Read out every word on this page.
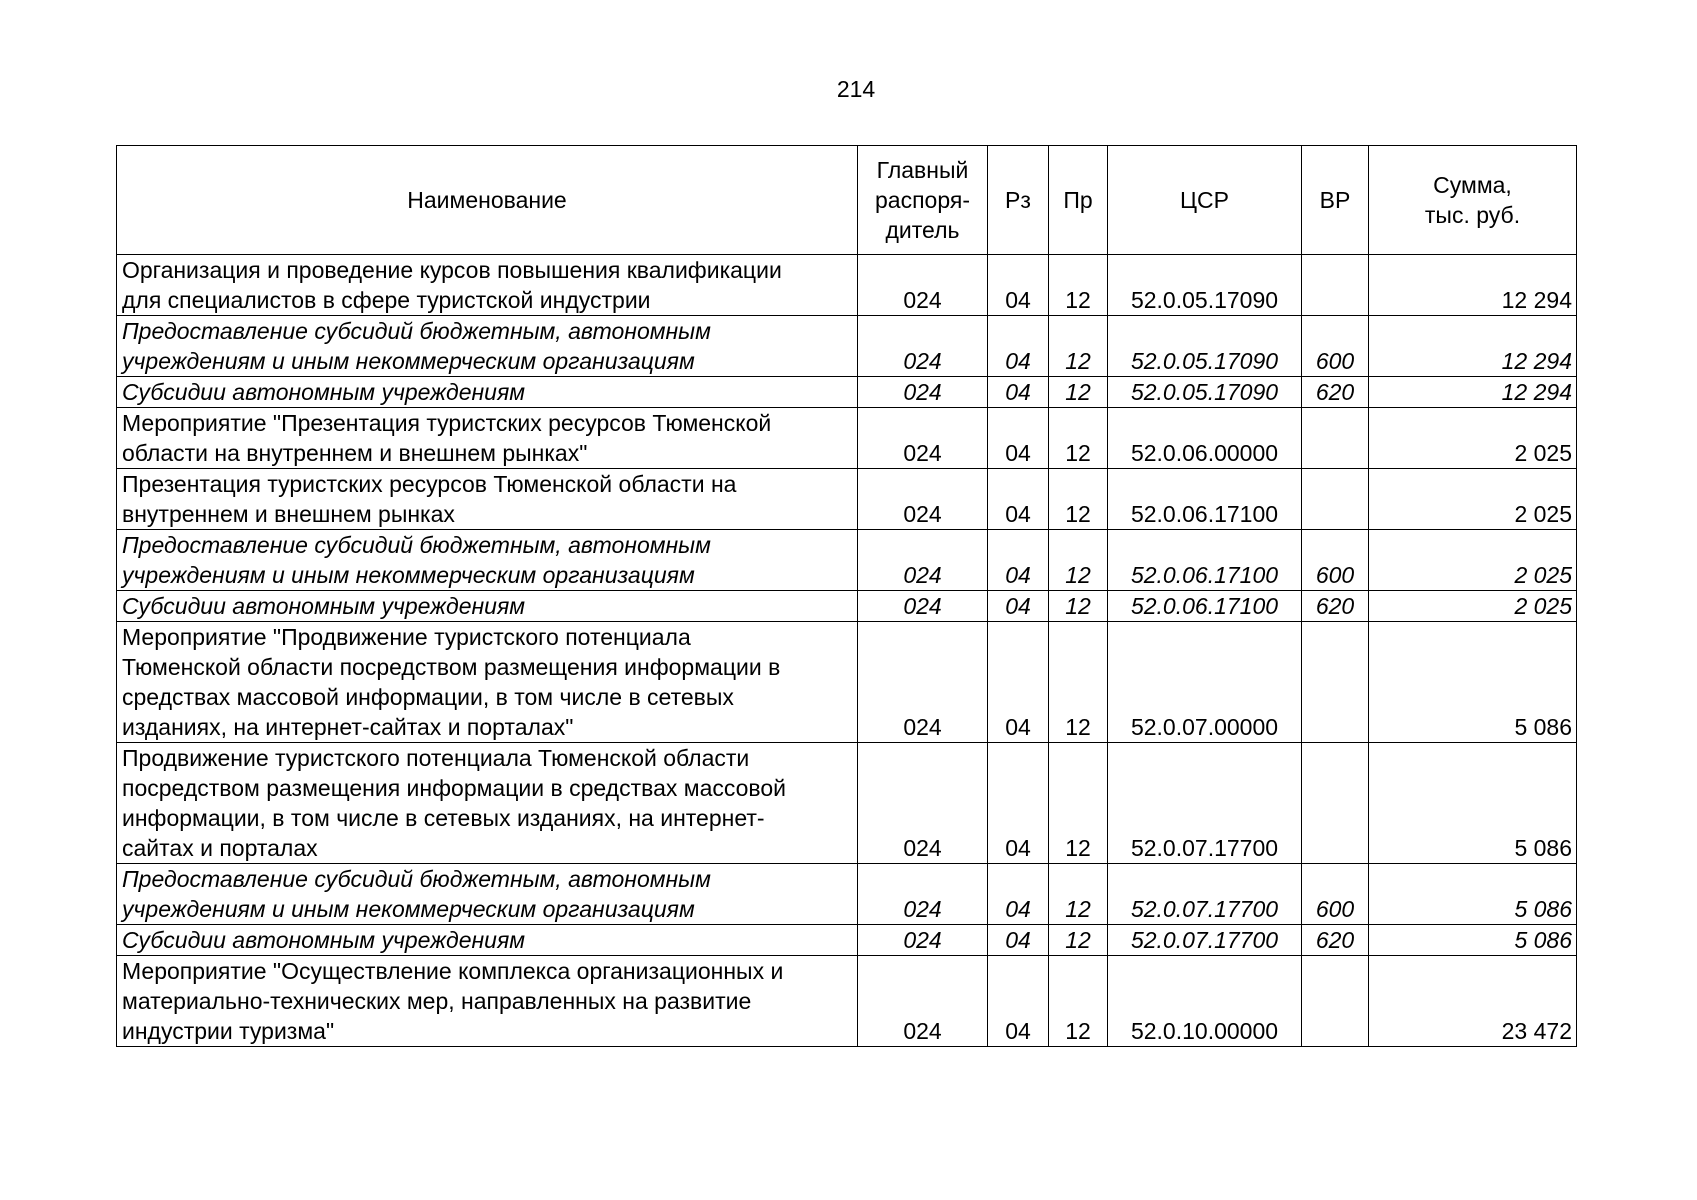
214
Наименование	Главный
распоря-
дитель	Рз	Пр	ЦСР	ВР	Сумма,
тыс. руб.
Организация и проведение курсов повышения квалификации
для специалистов в сфере туристской индустрии	024	04	12	52.0.05.17090		12 294
Предоставление субсидий бюджетным, автономным
учреждениям и иным некоммерческим организациям	024	04	12	52.0.05.17090	600	12 294
Субсидии автономным учреждениям	024	04	12	52.0.05.17090	620	12 294
Мероприятие "Презентация туристских ресурсов Тюменской
области на внутреннем и внешнем рынках"	024	04	12	52.0.06.00000		2 025
Презентация туристских ресурсов Тюменской области на
внутреннем и внешнем рынках	024	04	12	52.0.06.17100		2 025
Предоставление субсидий бюджетным, автономным
учреждениям и иным некоммерческим организациям	024	04	12	52.0.06.17100	600	2 025
Субсидии автономным учреждениям	024	04	12	52.0.06.17100	620	2 025
Мероприятие "Продвижение туристского потенциала
Тюменской области посредством размещения информации в
средствах массовой информации, в том числе в сетевых
изданиях, на интернет-сайтах и порталах"	024	04	12	52.0.07.00000		5 086
Продвижение туристского потенциала Тюменской области
посредством размещения информации в средствах массовой
информации, в том числе в сетевых изданиях, на интернет-
сайтах и порталах	024	04	12	52.0.07.17700		5 086
Предоставление субсидий бюджетным, автономным
учреждениям и иным некоммерческим организациям	024	04	12	52.0.07.17700	600	5 086
Субсидии автономным учреждениям	024	04	12	52.0.07.17700	620	5 086
Мероприятие "Осуществление комплекса организационных и
материально-технических мер, направленных на развитие
индустрии туризма"	024	04	12	52.0.10.00000		23 472
